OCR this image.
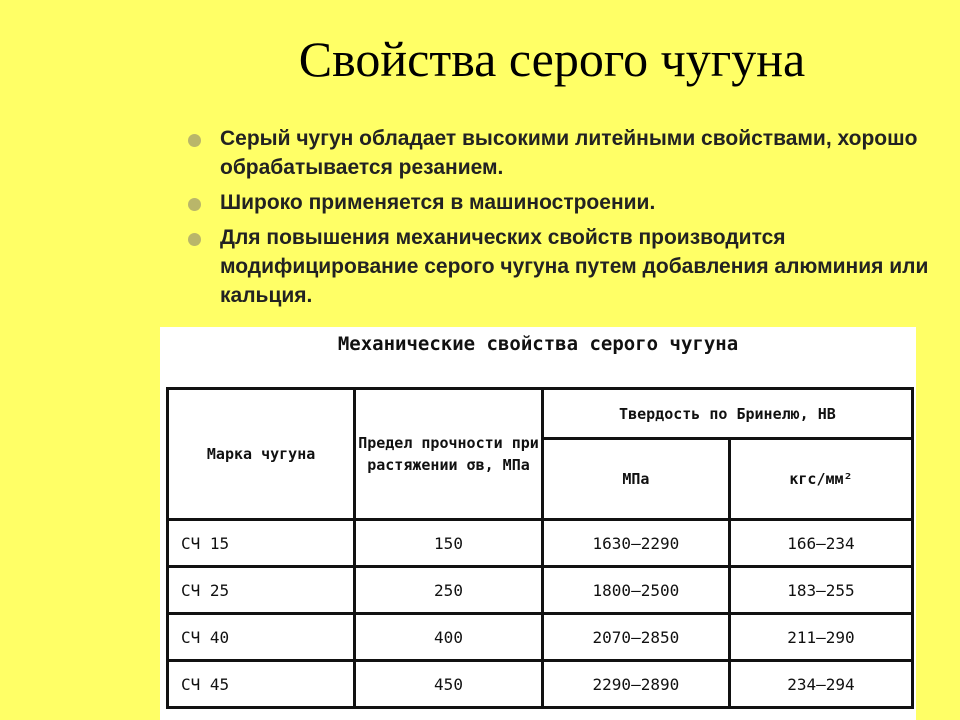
Свойства серого чугуна
Серый чугун обладает высокими литейными свойствами, хорошо обрабатывается резанием.
Широко применяется в машиностроении.
Для повышения механических свойств производится модифицирование серого чугуна путем добавления алюминия или кальция.
Механические свойства серого чугуна
Марка чугуна	Предел прочности при растяжении σв, МПа	Твердость по Бринелю, НВ	
		МПа	кгс/мм²
СЧ 15	150	1630–2290	166–234
СЧ 25	250	1800–2500	183–255
СЧ 40	400	2070–2850	211–290
СЧ 45	450	2290–2890	234–294
